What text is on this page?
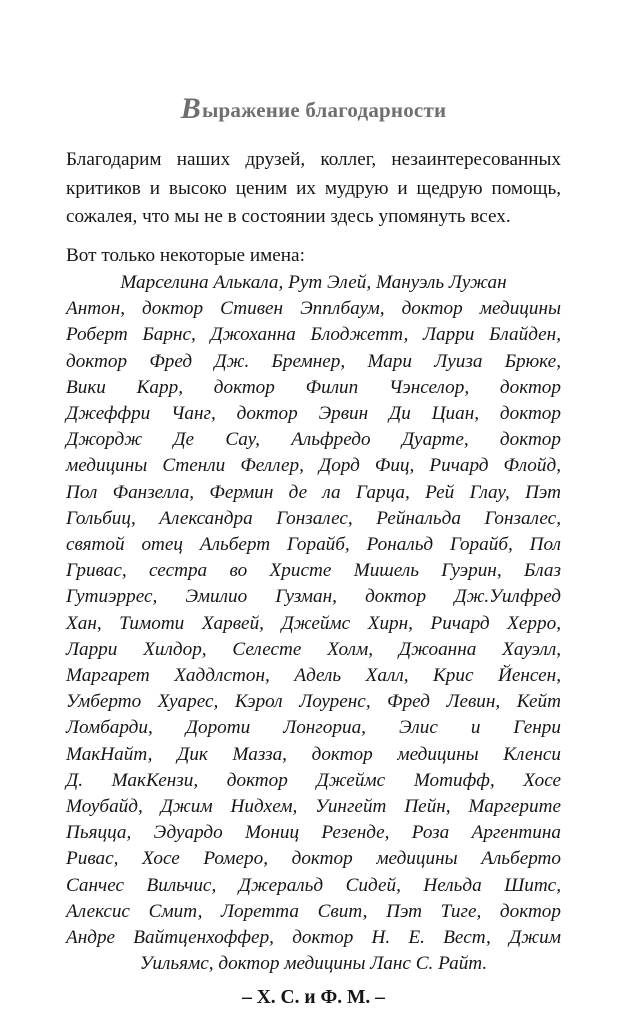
Выражение благодарности

Благодарим наших друзей, коллег, незаинтересованных
критиков и высоко ценим их мудрую и щедрую помощь,
сожалея, что мы не в состоянии здесь упомянуть всех.

Вот только некоторые имена:

Марселина Алькала, Рут Элей, Мануэль Лужан
Антон, доктор Стивен Эпплбаум, доктор медицины
Роберт Барнс, Джоханна Блоджетт, Ларри Блайден,
доктор Фред Дж. Бремнер, Мари Луиза Брюке,
Вики Карр, доктор Филип Чэнселор, доктор
Джеффри Чанг, доктор Эрвин Ди Циан, доктор
Джордж Де Сау, Альфредо Дуарте, доктор
медицины Стенли Феллер, Дорд Фиц, Ричард Флойд,
Пол Фанзелла, Фермин де ла Гарца, Рей Глау, Пэт
Гольбиц, Александра Гонзалес, Рейнальда Гонзалес,
святой отец Альберт Горайб, Рональд Горайб, Пол
Гривас, сестра во Христе Мишель Гуэрин, Блаз
Гутиэррес, Эмилио Гузман, доктор Дж.Уилфред
Хан, Тимоти Харвей, Джеймс Хирн, Ричард Херро,
Ларри Хилдор, Селесте Холм, Джоанна Хауэлл,
Маргарет Хаддлстон, Адель Халл, Крис Йенсен,
Умберто Хуарес, Кэрол Лоуренс, Фред Левин, Кейт
Ломбарди, Дороти Лонгориа, Элис и Генри
МакНайт, Дик Мазза, доктор медицины Кленси
Д. МакКензи, доктор Джеймс Мотифф, Хосе
Моубайд, Джим Нидхем, Уингейт Пейн, Маргерите
Пьяцца, Эдуардо Мониц Резенде, Роза Аргентина
Ривас, Хосе Ромеро, доктор медицины Альберто
Санчес Вильчис, Джеральд Сидей, Нельда Шитс,
Алексис Смит, Лоретта Свит, Пэт Тиге, доктор
Андре Вайтценхоффер, доктор Н. Е. Вест, Джим
Уильямс, доктор медицины Ланс С. Райт.

– Х. С. и Ф. М. –
